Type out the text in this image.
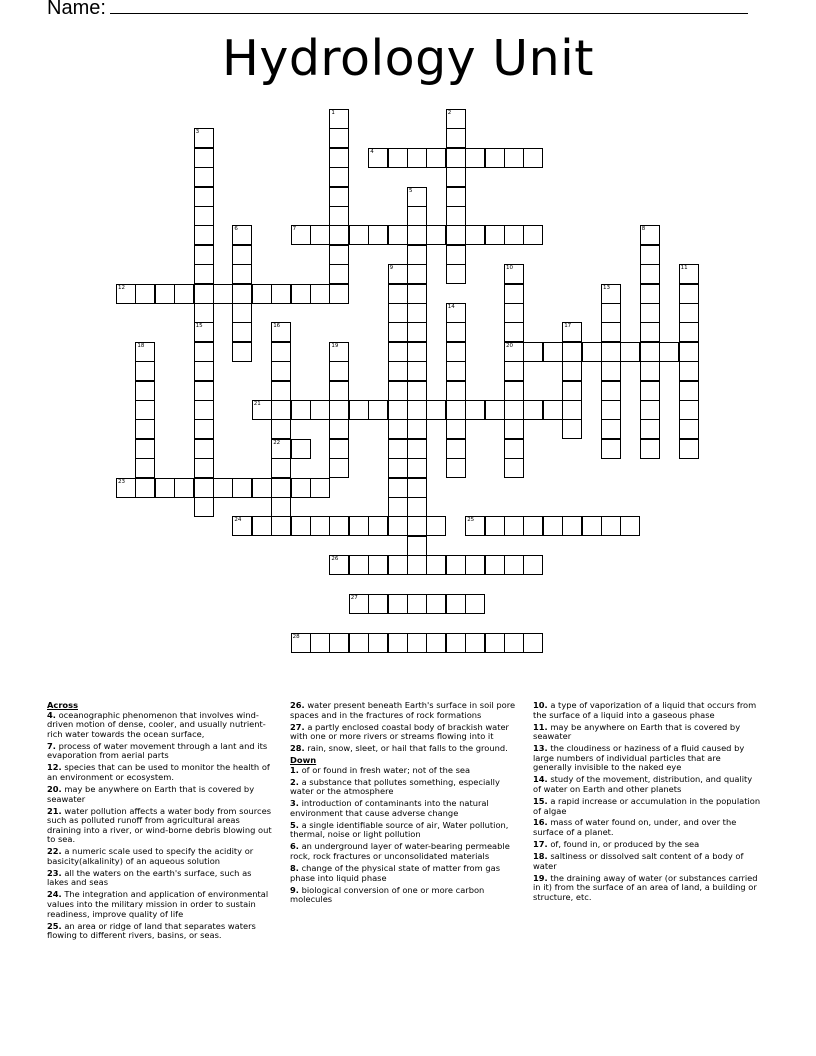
Name:
Hydrology Unit
4
7
12
20
21
22
23
24	25
26
27
28
1	2
3
15
5
6	8
9	10	11
13
14
16	17
18	19
Across
4. oceanographic phenomenon that involves wind-driven motion of dense, cooler, and usually nutrient-rich water towards the ocean surface,
7. process of water movement through a lant and its evaporation from aerial parts
12. species that can be used to monitor the health of an environment or ecosystem.
20. may be anywhere on Earth that is covered by seawater
21. water pollution affects a water body from sources such as polluted runoff from agricultural areas draining into a river, or wind-borne debris blowing out to sea.
22. a numeric scale used to specify the acidity or basicity(alkalinity) of an aqueous solution
23. all the waters on the earth's surface, such as lakes and seas
24. The integration and application of environmental values into the military mission in order to sustain readiness, improve quality of life
25. an area or ridge of land that separates waters flowing to different rivers, basins, or seas.
26. water present beneath Earth's surface in soil pore spaces and in the fractures of rock formations
27. a partly enclosed coastal body of brackish water with one or more rivers or streams flowing into it
28. rain, snow, sleet, or hail that falls to the ground.
Down
1. of or found in fresh water; not of the sea
2. a substance that pollutes something, especially water or the atmosphere
3. introduction of contaminants into the natural environment that cause adverse change
5. a single identifiable source of air, Water pollution, thermal, noise or light pollution
6. an underground layer of water-bearing permeable rock, rock fractures or unconsolidated materials
8. change of the physical state of matter from gas phase into liquid phase
9. biological conversion of one or more carbon molecules
10. a type of vaporization of a liquid that occurs from the surface of a liquid into a gaseous phase
11. may be anywhere on Earth that is covered by seawater
13. the cloudiness or haziness of a fluid caused by large numbers of individual particles that are generally invisible to the naked eye
14. study of the movement, distribution, and quality of water on Earth and other planets
15. a rapid increase or accumulation in the population of algae
16. mass of water found on, under, and over the surface of a planet.
17. of, found in, or produced by the sea
18. saltiness or dissolved salt content of a body of water
19. the draining away of water (or substances carried in it) from the surface of an area of land, a building or structure, etc.
